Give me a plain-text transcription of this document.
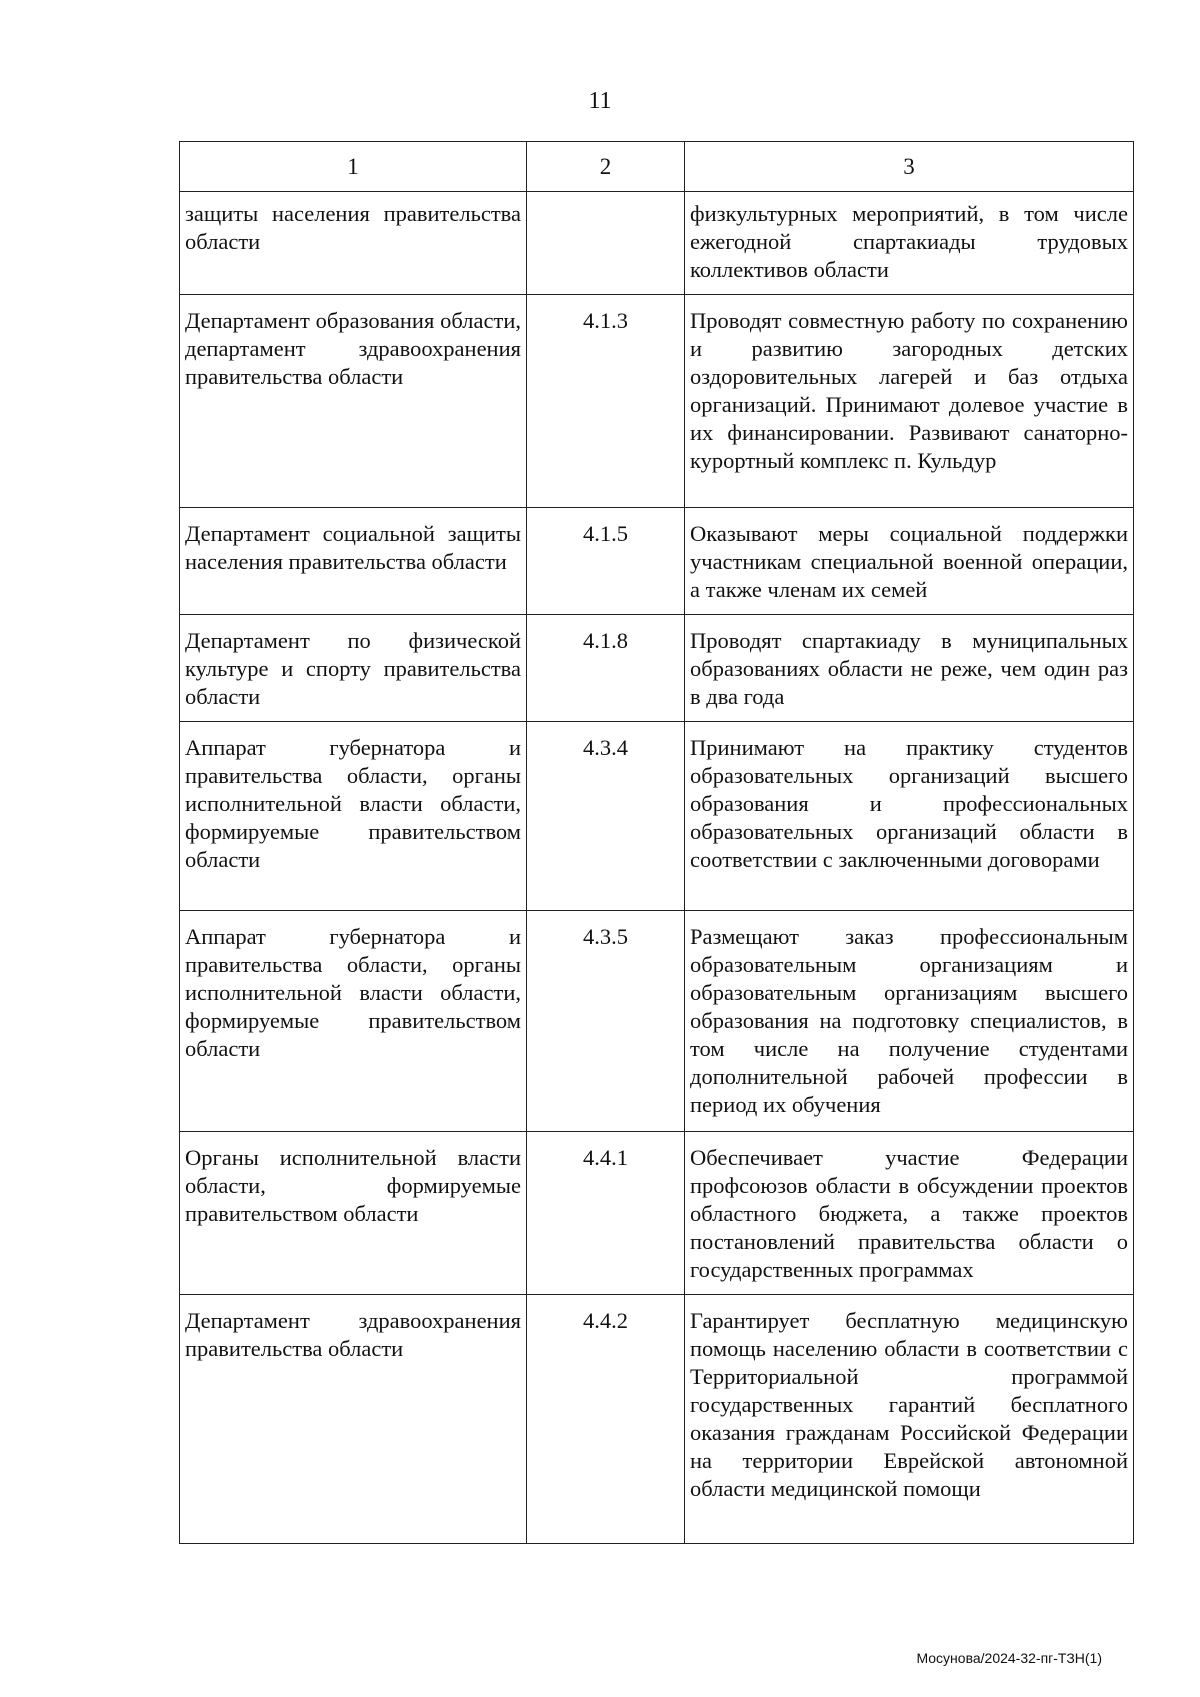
11
1	2	3
защиты населения правительства области		физкультурных мероприятий, в том числе ежегодной спартакиады трудовых коллективов области
Департамент образования области, департамент здравоохранения правительства области	4.1.3	Проводят совместную работу по сохранению и развитию загородных детских оздоровительных лагерей и баз отдыха организаций. Принимают долевое участие в их финансировании. Развивают санаторно-курортный комплекс п. Кульдур
Департамент социальной защиты населения правительства области	4.1.5	Оказывают меры социальной поддержки участникам специальной военной операции, а также членам их семей
Департамент по физической культуре и спорту правительства области	4.1.8	Проводят спартакиаду в муниципальных образованиях области не реже, чем один раз в два года
Аппарат губернатора и правительства области, органы исполнительной власти области, формируемые правительством области	4.3.4	Принимают на практику студентов образовательных организаций высшего образования и профессиональных образовательных организаций области в соответствии с заключенными договорами
Аппарат губернатора и правительства области, органы исполнительной власти области, формируемые правительством области	4.3.5	Размещают заказ профессиональным образовательным организациям и образовательным организациям высшего образования на подготовку специалистов, в том числе на получение студентами дополнительной рабочей профессии в период их обучения
Органы исполнительной власти области, формируемые правительством области	4.4.1	Обеспечивает участие Федерации профсоюзов области в обсуждении проектов областного бюджета, а также проектов постановлений правительства области о государственных программах
Департамент здравоохранения правительства области	4.4.2	Гарантирует бесплатную медицинскую помощь населению области в соответствии с Территориальной программой государственных гарантий бесплатного оказания гражданам Российской Федерации на территории Еврейской автономной области медицинской помощи
Мосунова/2024-32-пг-ТЗН(1)
